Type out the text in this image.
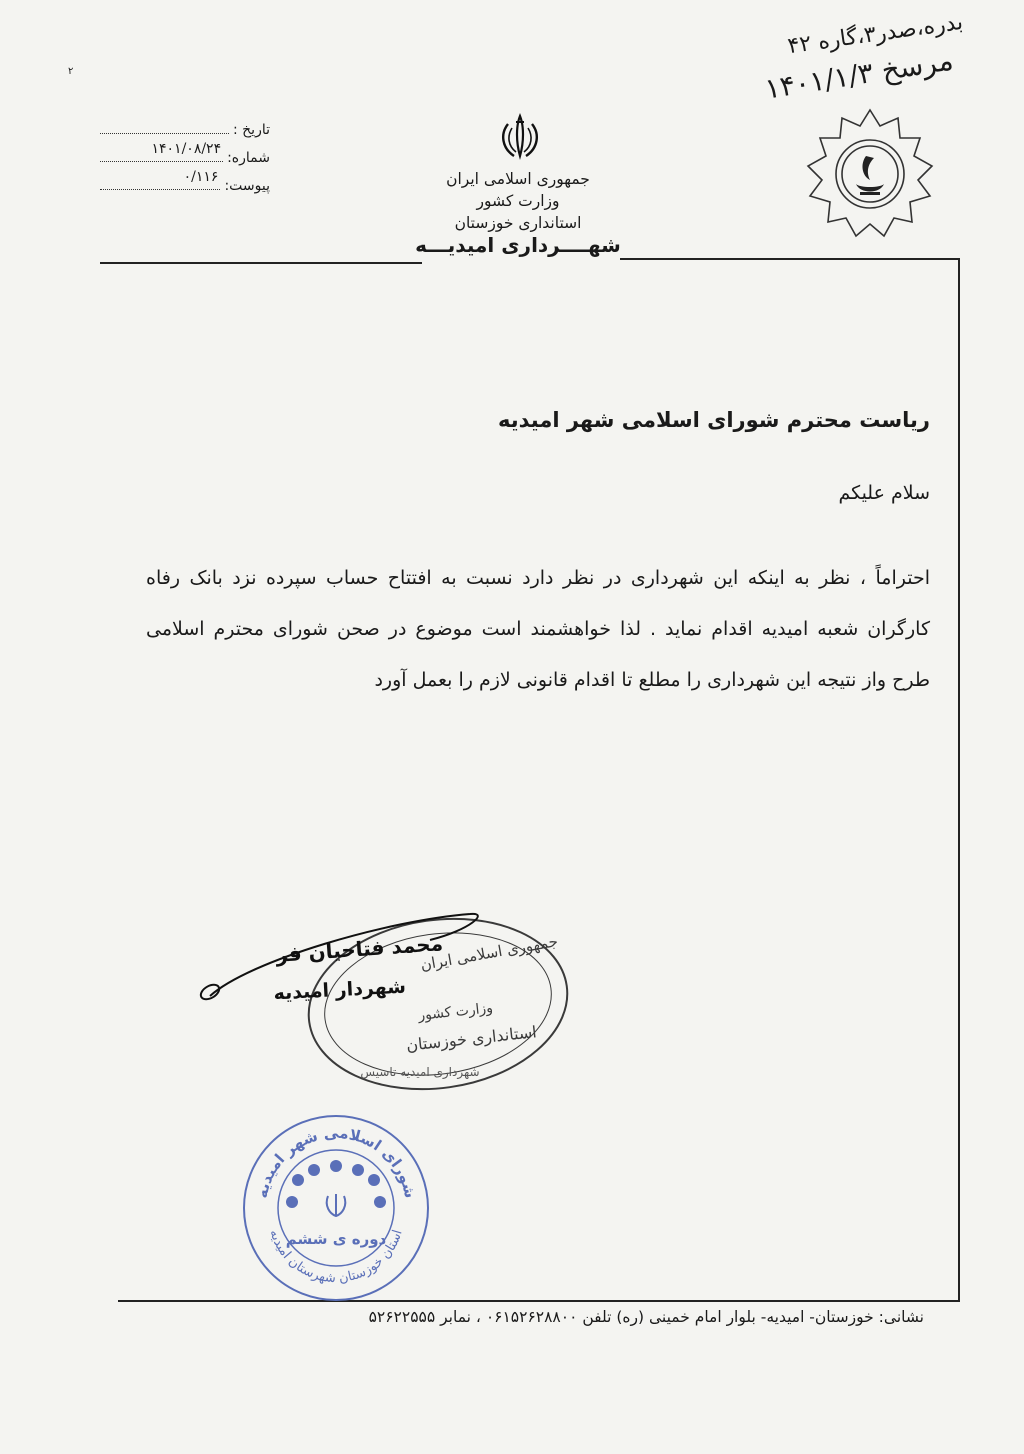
۲
بدره،صدر۳،گاره ۴۲
مرسخ ۱۴۰۱/۱/۳
جمهوری اسلامی ایران
وزارت کشور
استانداری خوزستان
شهــــرداری امیدیـــه
تاریخ :
شماره:
۱۴۰۱/۰۸/۲۴
پیوست:
۰/۱۱۶
ریاست محترم شورای اسلامی شهر امیدیه
سلام علیکم
احتراماً ، نظر به اینکه این شهرداری در نظر دارد نسبت به افتتاح حساب سپرده نزد بانک رفاه کارگران شعبه امیدیه اقدام نماید . لذا خواهشمند است موضوع در صحن شورای محترم اسلامی طرح واز نتیجه این شهرداری را مطلع تا اقدام قانونی لازم را بعمل آورد
جمهوری اسلامی ایران
وزارت کشور
استانداری خوزستان
شهرداری امیدیه تاسیس
محمد فتاحیان فر
شهردار امیدیه
شورای اسلامی شهر امیدیه
استان خوزستان شهرستان امیدیه
دوره ی ششم
نشانی: خوزستان- امیدیه- بلوار امام خمینی (ره) تلفن ۰۶۱۵۲۶۲۸۸۰۰ ، نمابر ۵۲۶۲۲۵۵۵
